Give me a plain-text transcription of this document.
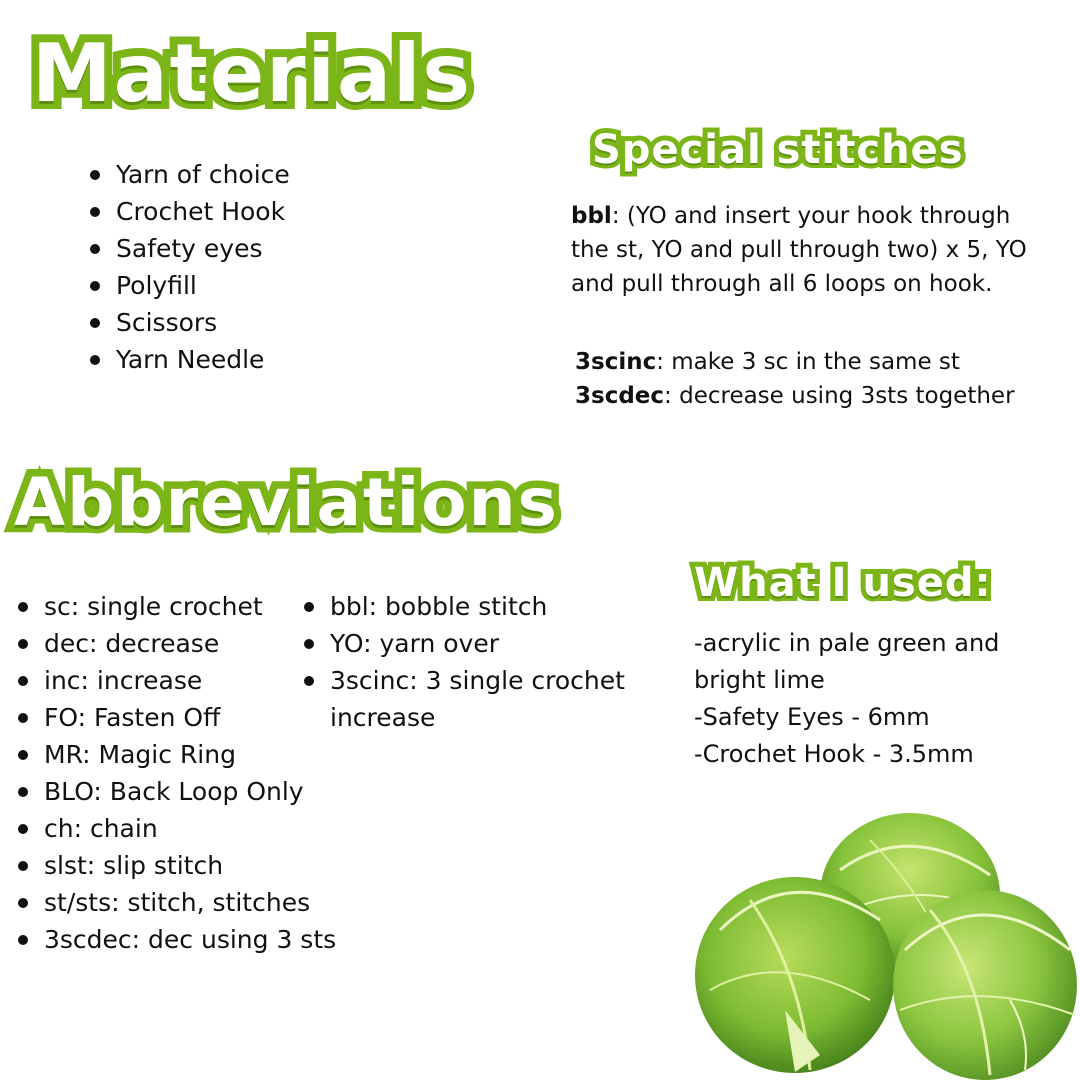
Materials
Yarn of choice
Crochet Hook
Safety eyes
Polyfill
Scissors
Yarn Needle
Special stitches
bbl: (YO and insert your hook through the st, YO and pull through two) x 5, YO and pull through all 6 loops on hook.
3scinc: make 3 sc in the same st
3scdec: decrease using 3sts together
Abbreviations
sc: single crochet
dec: decrease
inc: increase
FO: Fasten Off
MR: Magic Ring
BLO: Back Loop Only
ch: chain
slst: slip stitch
st/sts: stitch, stitches
3scdec: dec using 3 sts
bbl: bobble stitch
YO: yarn over
3scinc: 3 single crochet
increase
What I used:
-acrylic in pale green and
bright lime
-Safety Eyes - 6mm
-Crochet Hook - 3.5mm
